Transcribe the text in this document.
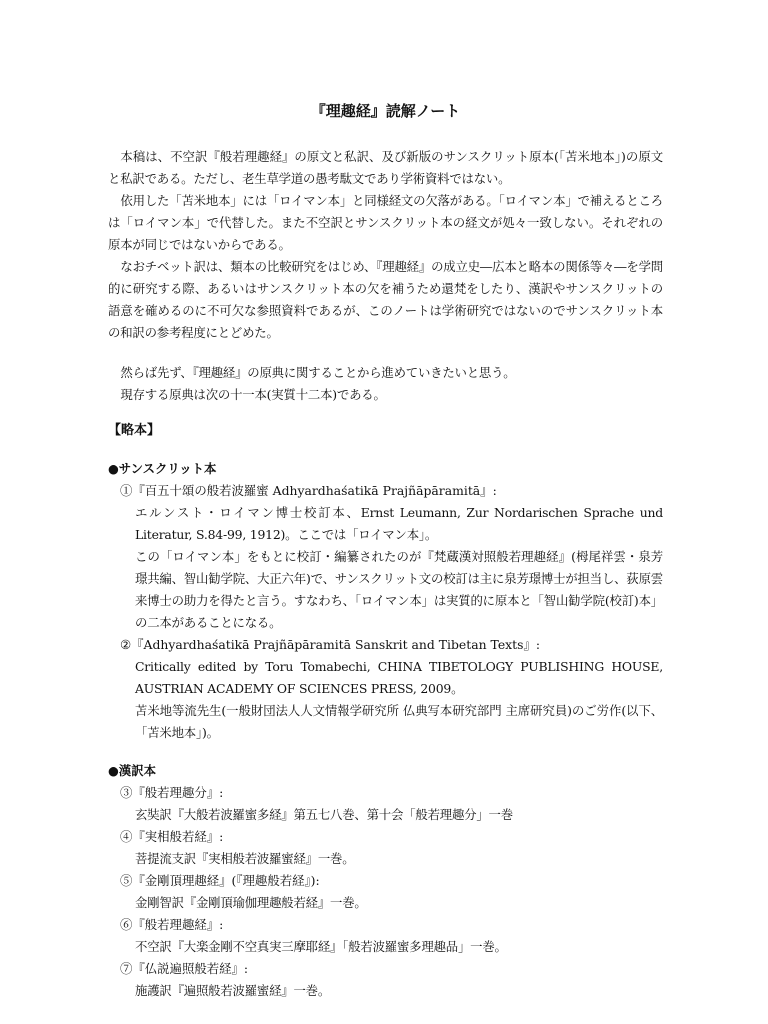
『理趣経』読解ノート

本稿は、不空訳『般若理趣経』の原文と私訳、及び新版のサンスクリット原本(「苫米地本」)の原文と私訳である。ただし、老生草学道の愚考駄文であり学術資料ではない。

依用した「苫米地本」には「ロイマン本」と同様経文の欠落がある。「ロイマン本」で補えるところは「ロイマン本」で代替した。また不空訳とサンスクリット本の経文が処々一致しない。それぞれの原本が同じではないからである。

なおチベット訳は、類本の比較研究をはじめ、『理趣経』の成立史―広本と略本の関係等々―を学問的に研究する際、あるいはサンスクリット本の欠を補うため還梵をしたり、漢訳やサンスクリットの語意を確めるのに不可欠な参照資料であるが、このノートは学術研究ではないのでサンスクリット本の和訳の参考程度にとどめた。

然らば先ず、『理趣経』の原典に関することから進めていきたいと思う。

現存する原典は次の十一本(実質十二本)である。

【略本】

●サンスクリット本

①『百五十頌の般若波羅蜜 Adhyardhaśatikā Prajñāpāramitā』:

エルンスト・ロイマン博士校訂本、Ernst Leumann, Zur Nordarischen Sprache und Literatur, S.84-99, 1912)。ここでは「ロイマン本」。

この「ロイマン本」をもとに校訂・編纂されたのが『梵蔵漢対照般若理趣経』(栂尾祥雲・泉芳璟共編、智山勧学院、大正六年)で、サンスクリット文の校訂は主に泉芳璟博士が担当し、荻原雲来博士の助力を得たと言う。すなわち、「ロイマン本」は実質的に原本と「智山勧学院(校訂)本」の二本があることになる。

②『Adhyardhaśatikā Prajñāpāramitā Sanskrit and Tibetan Texts』:

Critically edited by Toru Tomabechi, CHINA TIBETOLOGY PUBLISHING HOUSE, AUSTRIAN ACADEMY OF SCIENCES PRESS, 2009。

苫米地等流先生(一般財団法人人文情報学研究所 仏典写本研究部門 主席研究員)のご労作(以下、「苫米地本」)。

●漢訳本

③『般若理趣分』:

玄奘訳『大般若波羅蜜多経』第五七八巻、第十会「般若理趣分」一巻

④『実相般若経』:

菩提流支訳『実相般若波羅蜜経』一巻。

⑤『金剛頂理趣経』(『理趣般若経』):

金剛智訳『金剛頂瑜伽理趣般若経』一巻。

⑥『般若理趣経』:

不空訳『大楽金剛不空真実三摩耶経』「般若波羅蜜多理趣品」一巻。

⑦『仏説遍照般若経』:

施護訳『遍照般若波羅蜜経』一巻。
